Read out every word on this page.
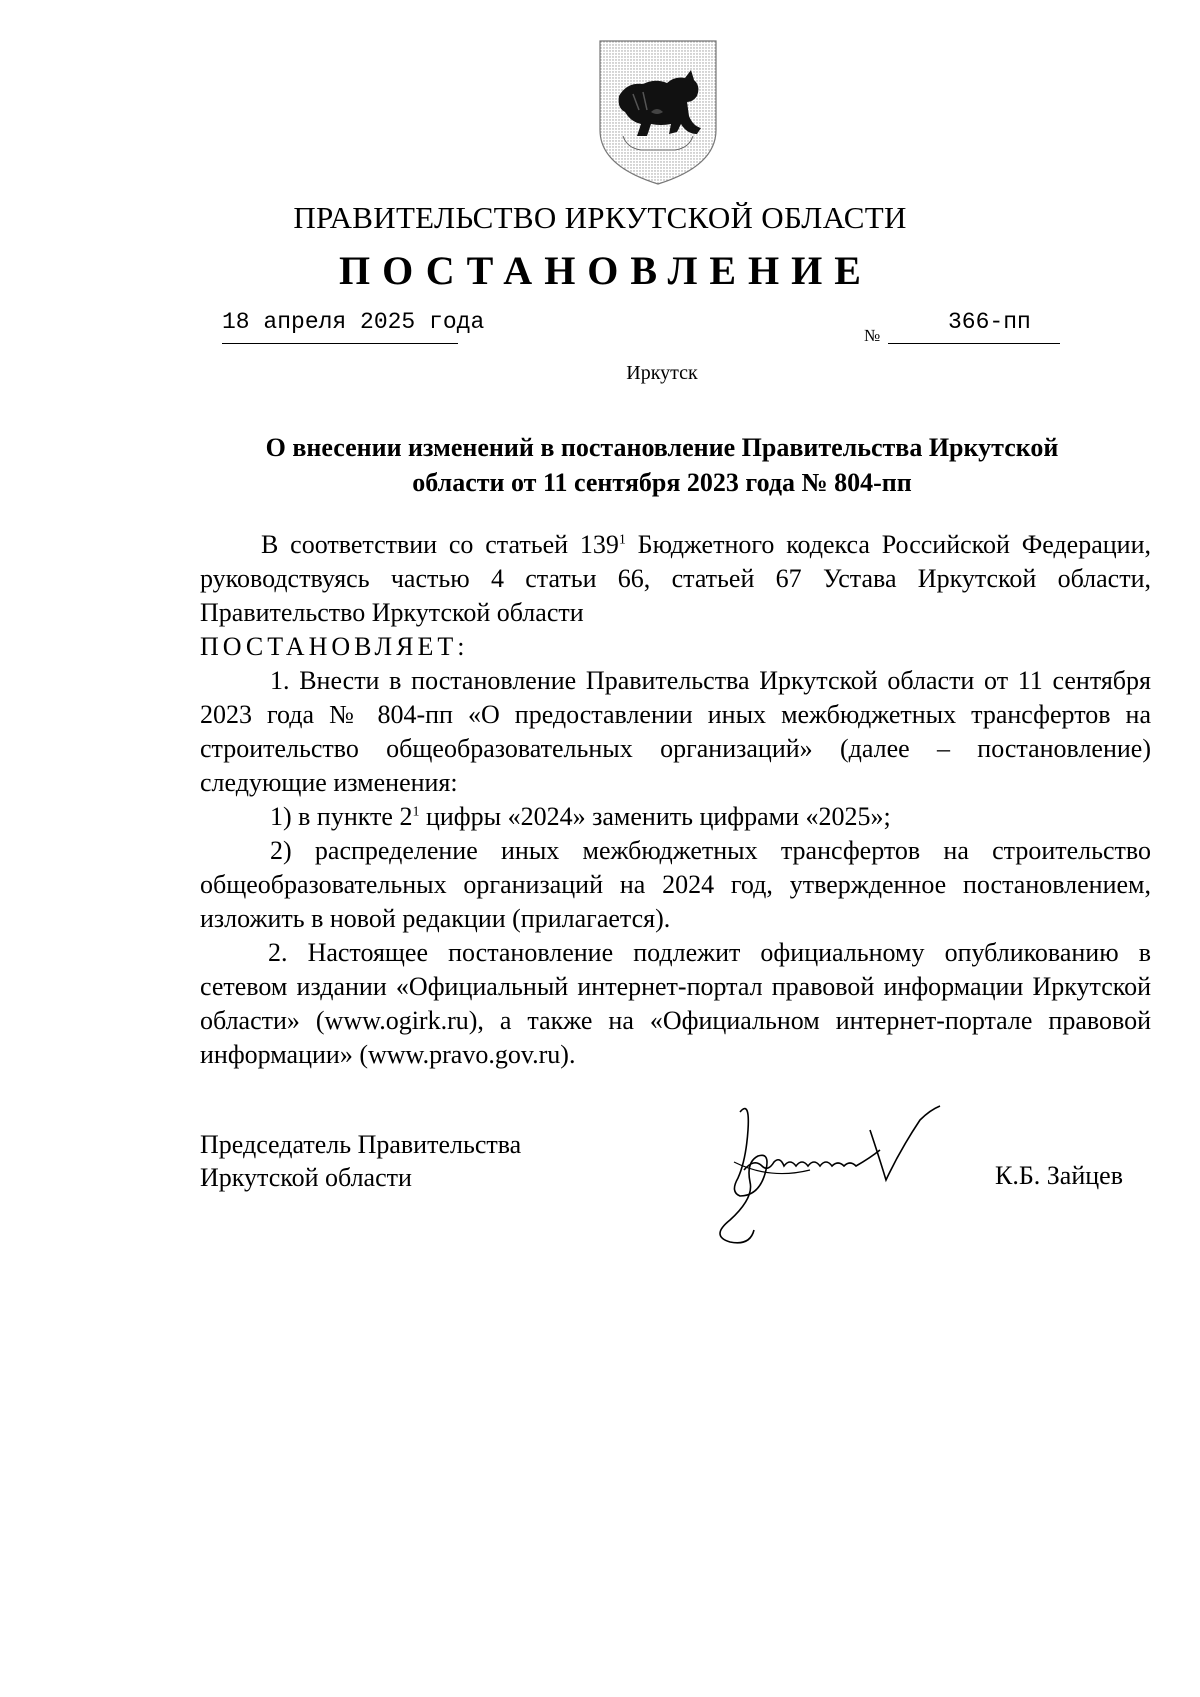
ПРАВИТЕЛЬСТВО ИРКУТСКОЙ ОБЛАСТИ
ПОСТАНОВЛЕНИЕ
18 апреля 2025 года
№
366-пп
Иркутск
О внесении изменений в постановление Правительства Иркутской
области от 11 сентября 2023 года № 804-пп

В соответствии со статьей $139^1$ Бюджетного кодекса Российской Федерации, руководствуясь частью 4 статьи 66, статьей 67 Устава Иркутской области, Правительство Иркутской области

ПОСТАНОВЛЯЕТ:

1. Внести в постановление Правительства Иркутской области от 11 сентября 2023 года № 804-пп «О предоставлении иных межбюджетных трансфертов на строительство общеобразовательных организаций» (далее – постановление) следующие изменения:

1) в пункте $2^1$ цифры «2024» заменить цифрами «2025»;

2) распределение иных межбюджетных трансфертов на строительство общеобразовательных организаций на 2024 год, утвержденное постановлением, изложить в новой редакции (прилагается).

2. Настоящее постановление подлежит официальному опубликованию в сетевом издании «Официальный интернет-портал правовой информации Иркутской области» (www.ogirk.ru), а также на «Официальном интернет-портале правовой информации» (www.pravo.gov.ru).

Председатель Правительства
Иркутской области	К.Б. Зайцев
